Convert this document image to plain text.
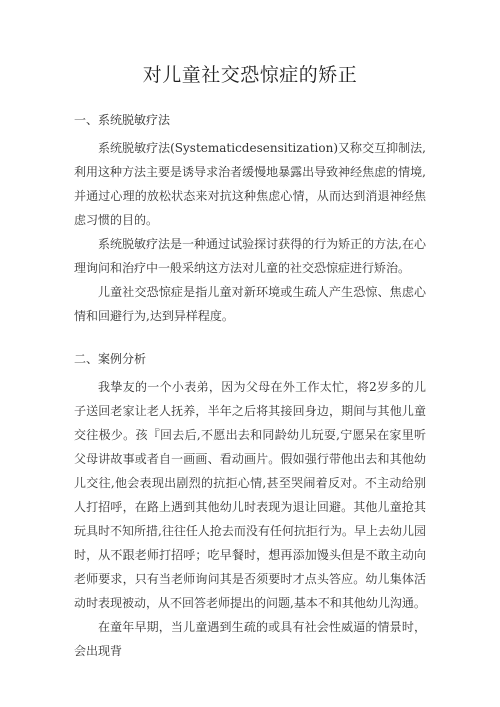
对儿童社交恐惊症的矫正
一、系统脱敏疗法

系统脱敏疗法(Systematicdesensitization)又称交互抑制法,利用这种方法主要是诱导求治者缓慢地暴露出导致神经焦虑的情境,并通过心理的放松状态来对抗这种焦虑心情，从而达到消退神经焦虑习惯的目的。

系统脱敏疗法是一种通过试验探讨获得的行为矫正的方法,在心理询问和治疗中一般采纳这方法对儿童的社交恐惊症进行矫治。

儿童社交恐惊症是指儿童对新环境或生疏人产生恐惊、焦虑心情和回避行为,达到异样程度。

二、案例分析

我挚友的一个小表弟，因为父母在外工作太忙，将2岁多的儿子送回老家让老人抚养，半年之后将其接回身边，期间与其他儿童交往极少。孩『回去后,不愿出去和同龄幼儿玩耍,宁愿呆在家里听父母讲故事或者自一画画、看动画片。假如强行带他出去和其他幼儿交往,他会表现出剧烈的抗拒心情,甚至哭闹着反对。不主动给别人打招呼，在路上遇到其他幼儿时表现为退让回避。其他儿童抢其玩具时不知所措,往往任人抢去而没有任何抗拒行为。早上去幼儿园时，从不跟老师打招呼；吃早餐时，想再添加馒头但是不敢主动向老师要求，只有当老师询问其是否须要时才点头答应。幼儿集体活动时表现被动，从不回答老师提出的问题,基本不和其他幼儿沟通。

在童年早期，当儿童遇到生疏的或具有社会性威逼的情景时，会出现背
